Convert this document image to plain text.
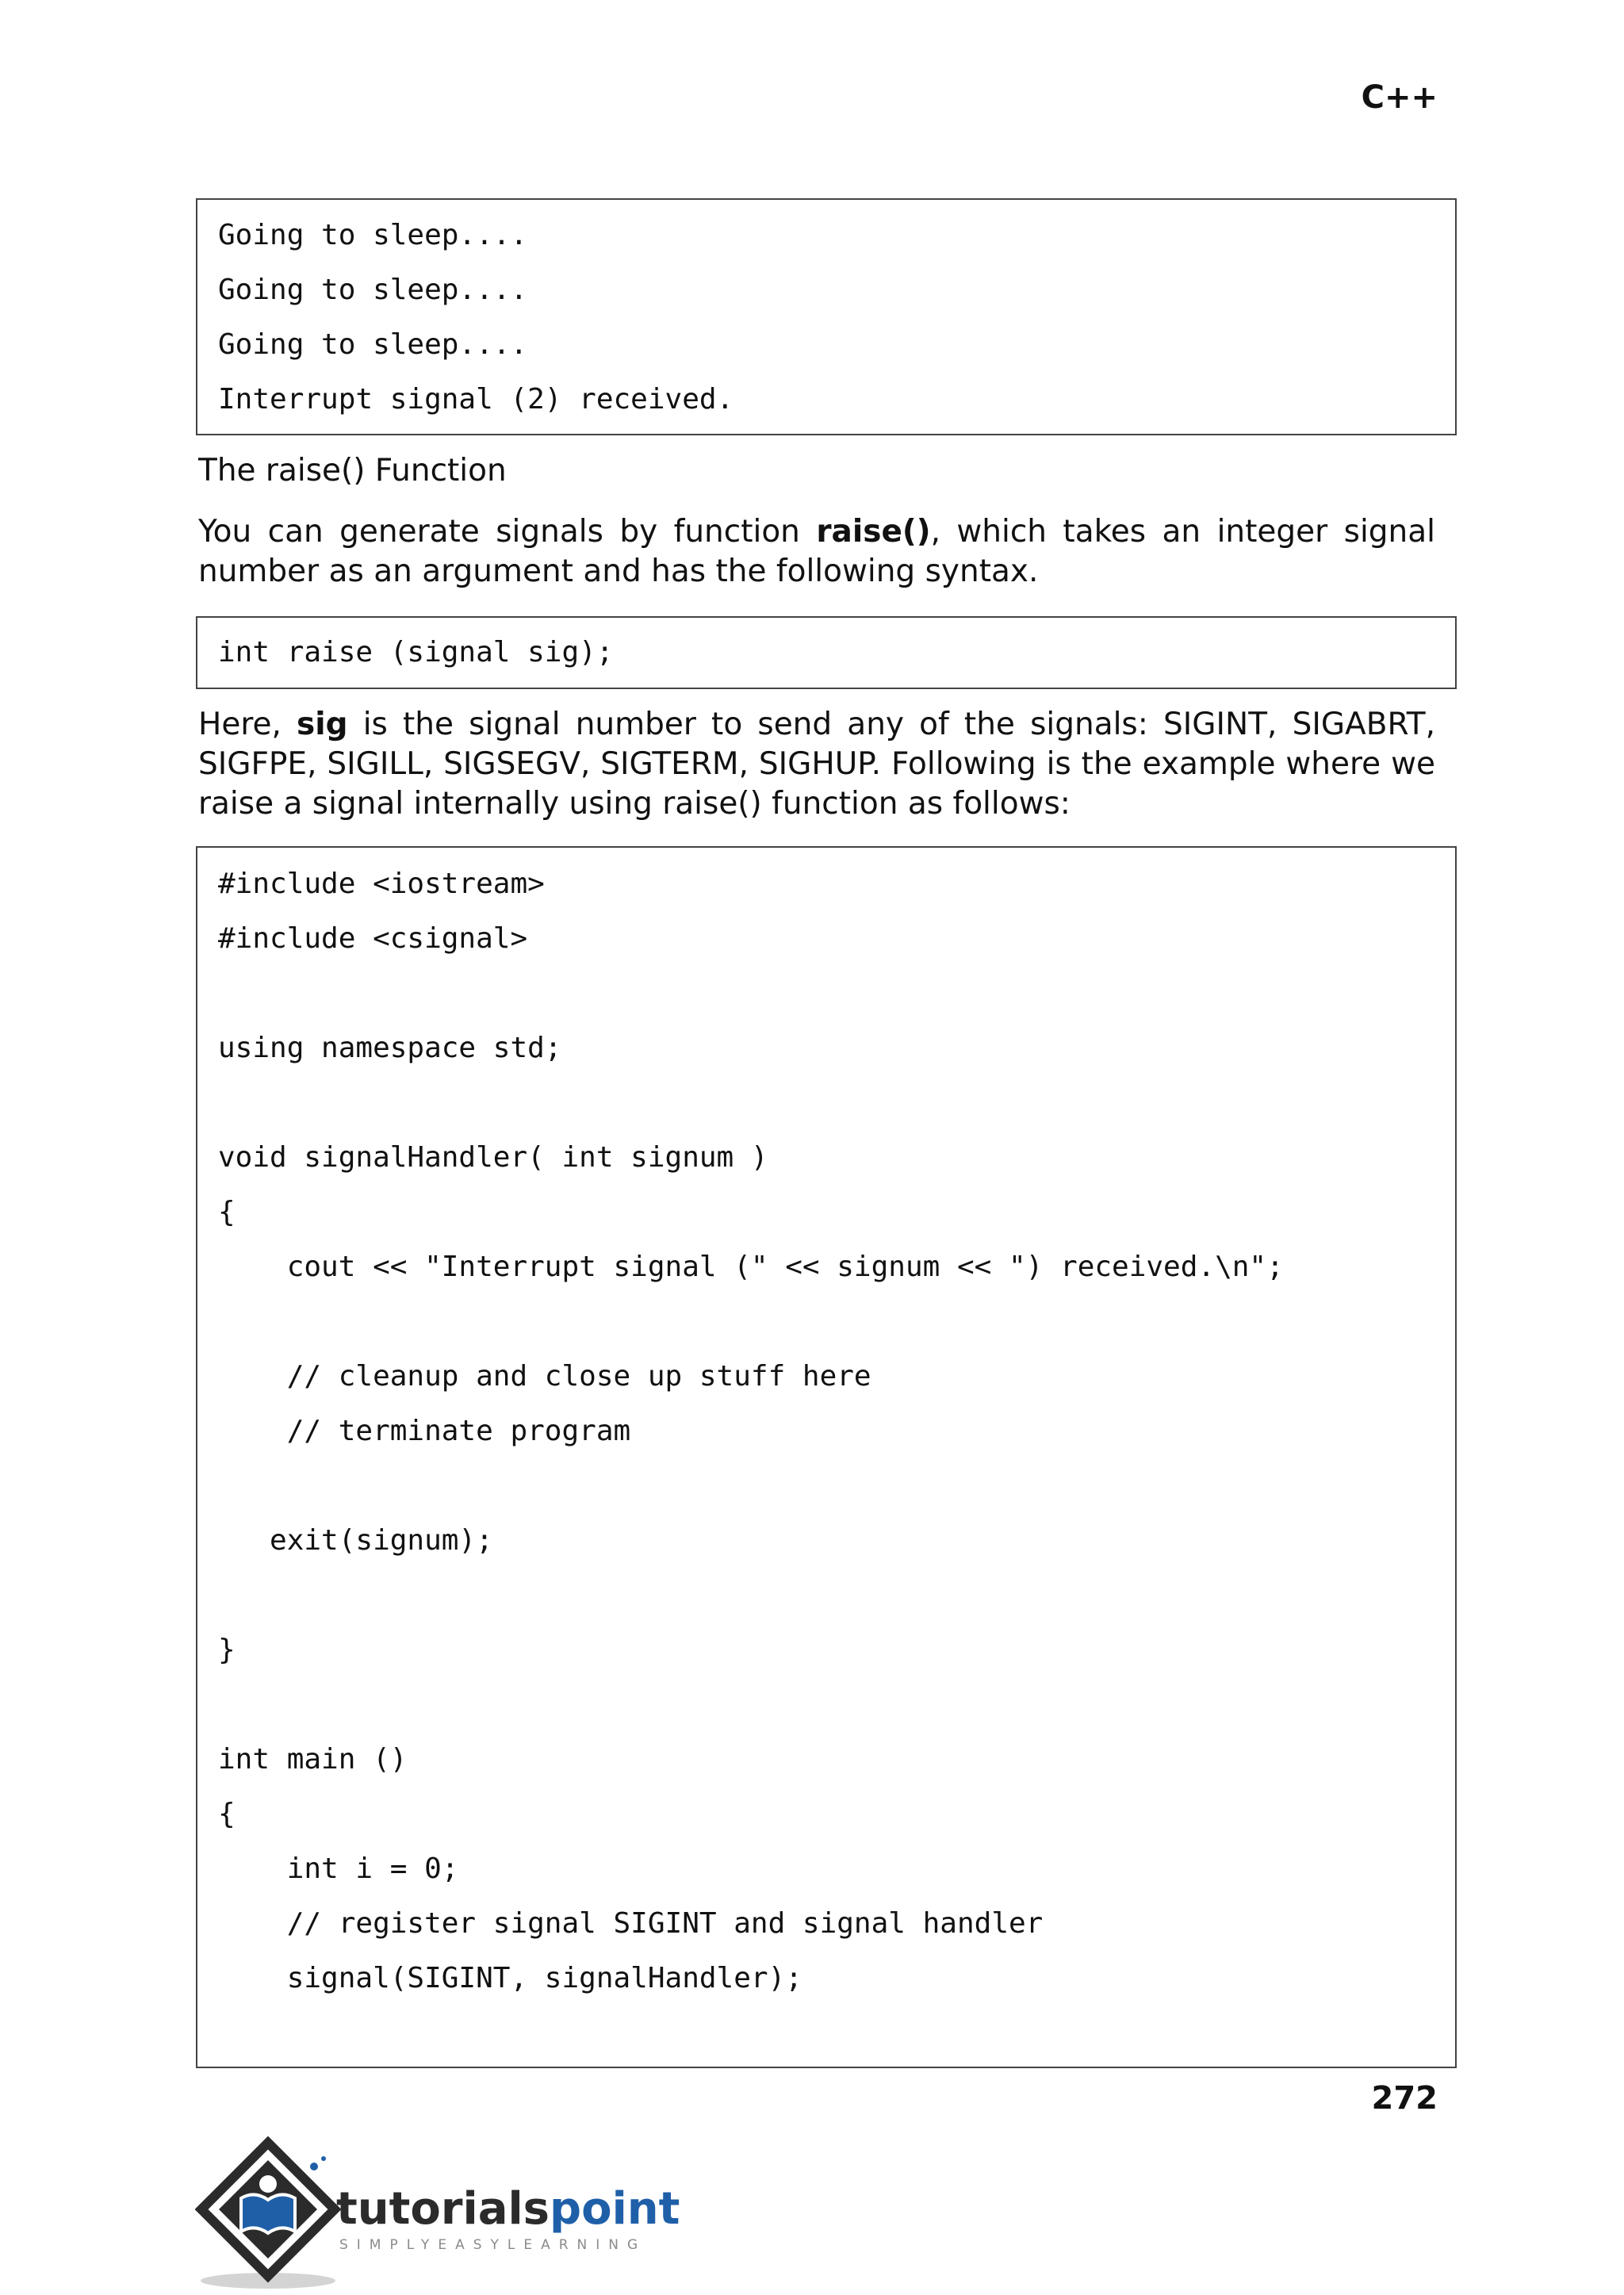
C++
Going to sleep....
Going to sleep....
Going to sleep....
Interrupt signal (2) received.
The raise() Function

You can generate signals by function raise(), which takes an integer signal number as an argument and has the following syntax.

int raise (signal sig);

Here, sig is the signal number to send any of the signals: SIGINT, SIGABRT, SIGFPE, SIGILL, SIGSEGV, SIGTERM, SIGHUP. Following is the example where we raise a signal internally using raise() function as follows:

#include <iostream>
#include <csignal>
using namespace std;
void signalHandler( int signum )
{
cout << "Interrupt signal (" << signum << ") received.\n";
// cleanup and close up stuff here
// terminate program
exit(signum);
}
int main ()
{
int i = 0;
// register signal SIGINT and signal handler
signal(SIGINT, signalHandler);
272
tutorialspoint
SIMPLYEASYLEARNING
